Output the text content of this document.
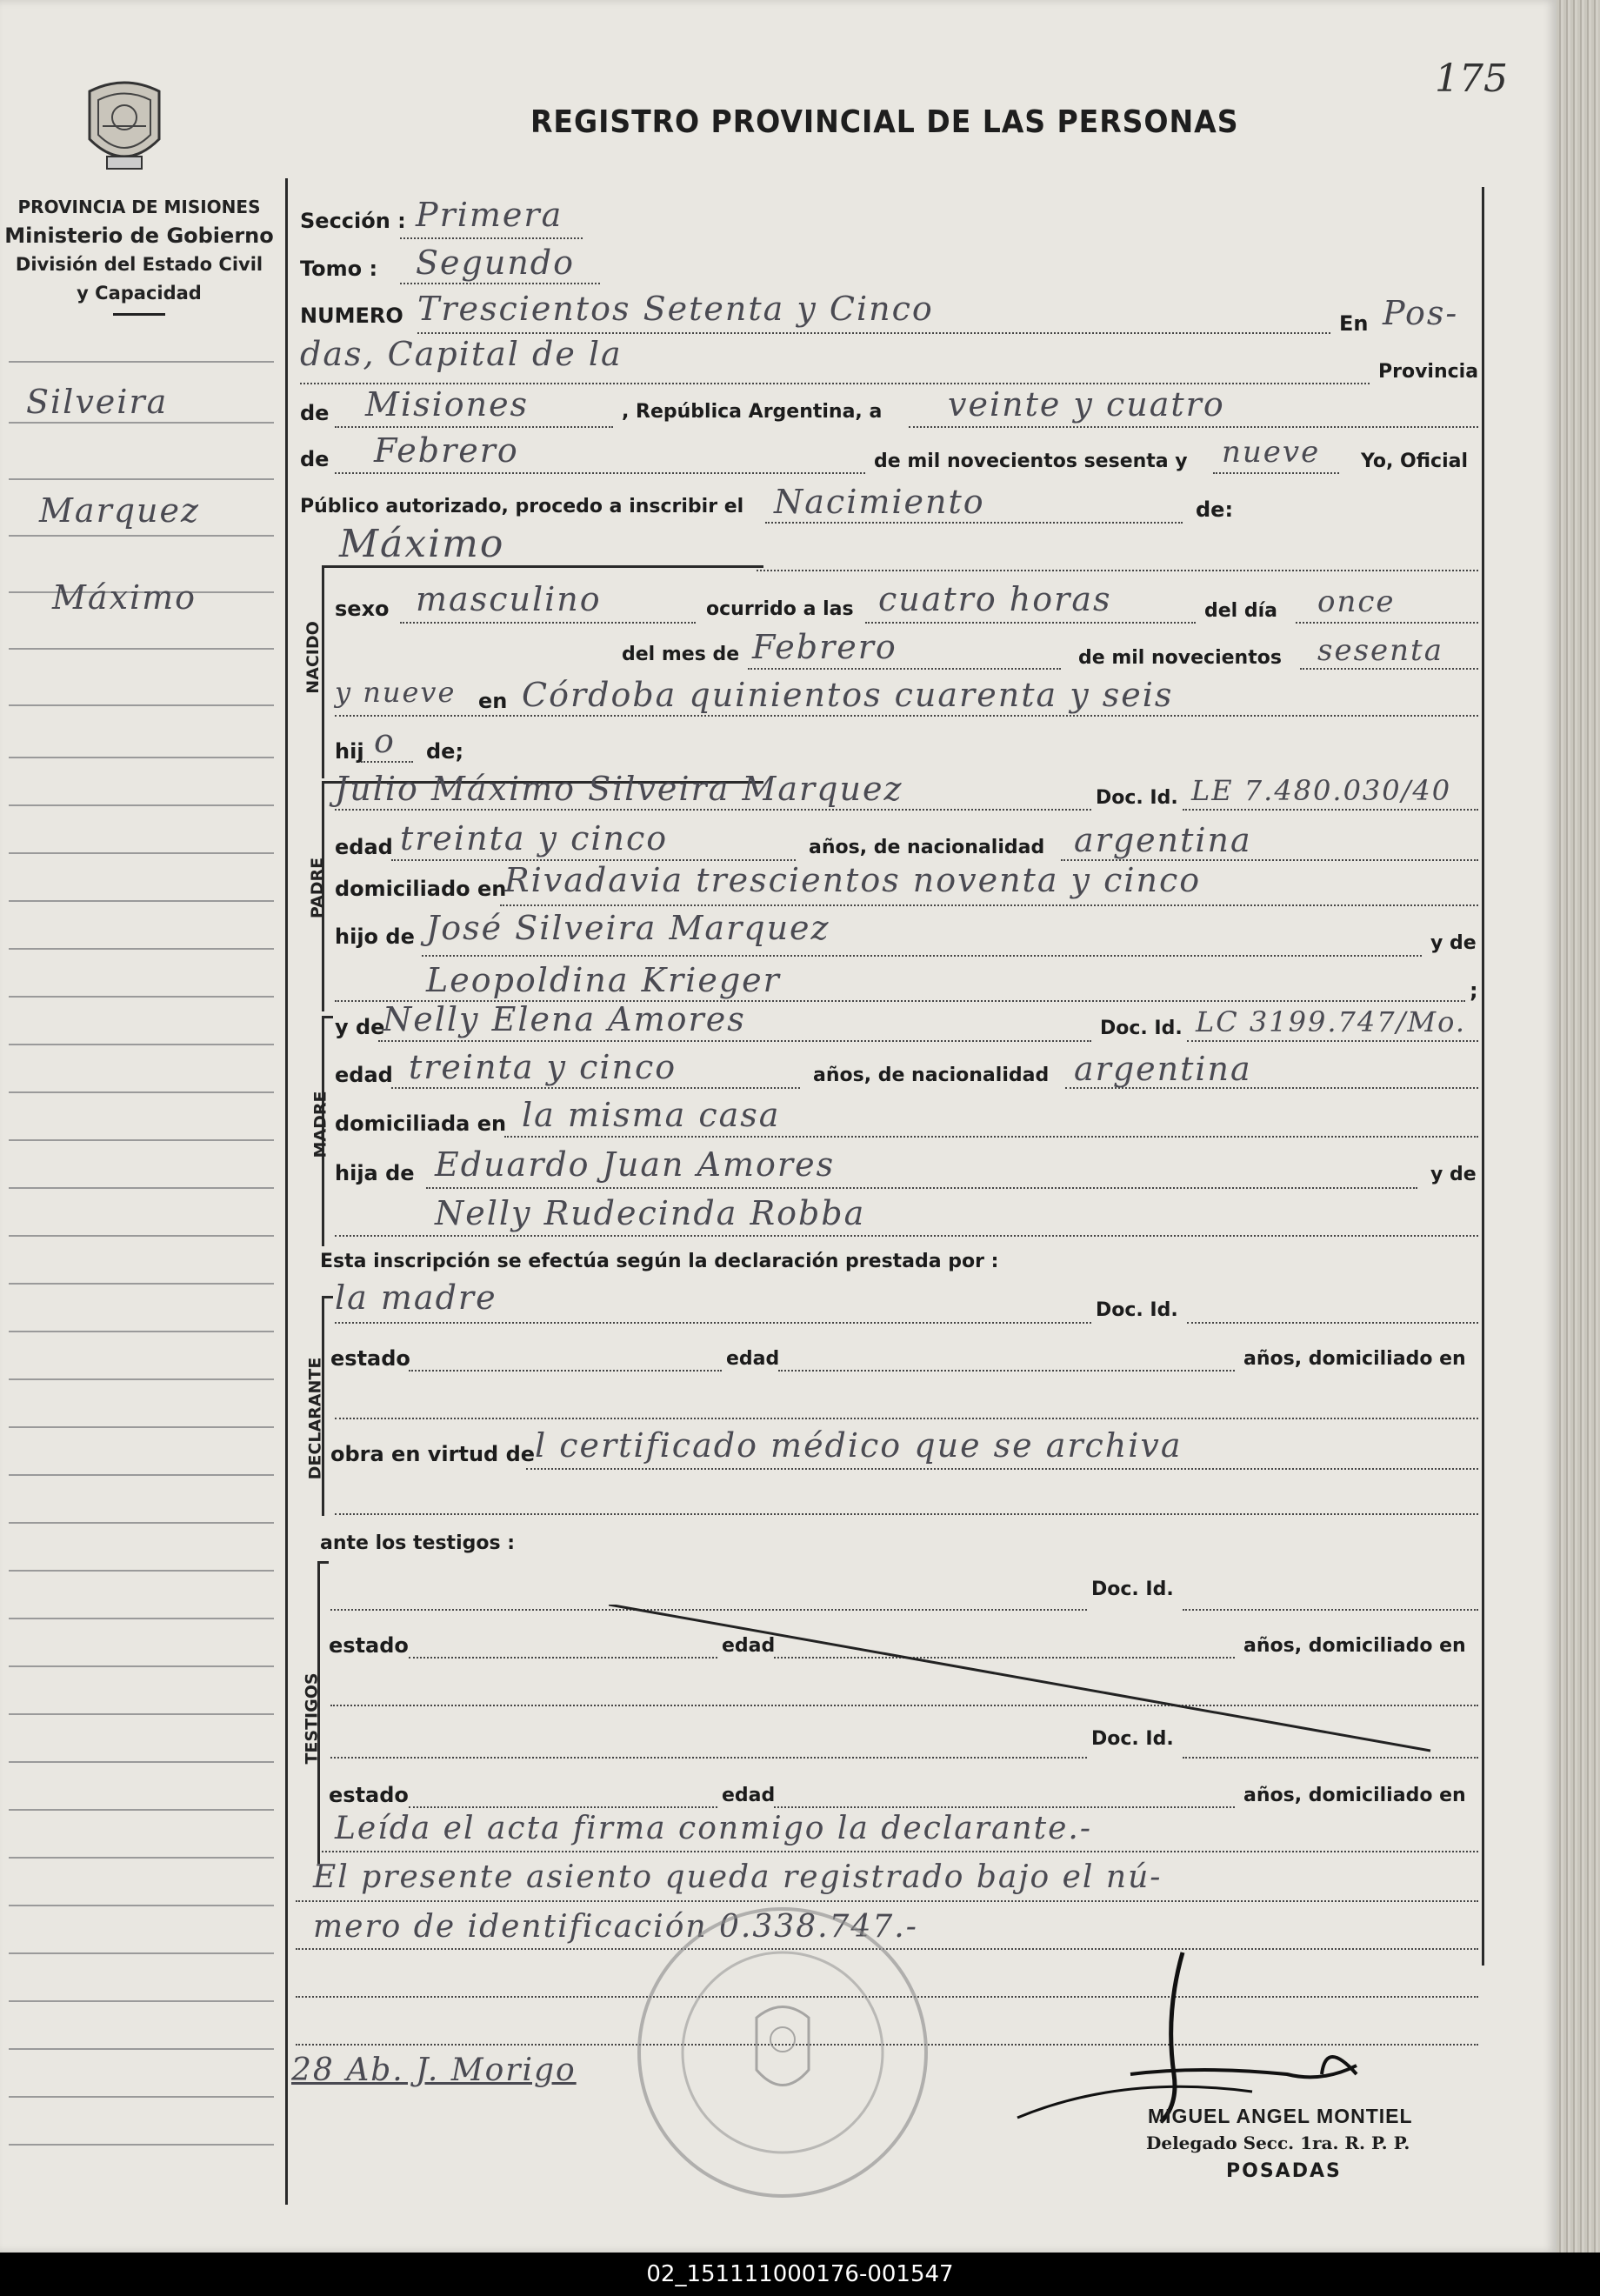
175
REGISTRO PROVINCIAL DE LAS PERSONAS
PROVINCIA DE MISIONES
Ministerio de Gobierno
División del Estado Civil
y Capacidad
Silveira
Marquez
Máximo
Sección : Primera
Tomo : Segundo
NUMERO Trescientos Setenta y Cinco	En Pos-
das, Capital de la	Provincia
de Misiones	, República Argentina, a veinte y cuatro
de Febrero	de mil novecientos sesenta y nueve Yo, Oficial
Público autorizado, procedo a inscribir el Nacimiento	de:
NACIDO
Máximo
sexo masculino	ocurrido a las cuatro horas	del día once
del mes de Febrero	de mil novecientos sesenta
y nueve en Córdoba quinientos cuarenta y seis
hij o de;
PADRE
Julio Máximo Silveira Marquez	Doc. Id. LE 7.480.030/40
edad treinta y cinco	años, de nacionalidad argentina
domiciliado en
Rivadavia trescientos noventa y cinco
hijo de José Silveira Marquez	y de
Leopoldina Krieger	;
MADRE
y de
Nelly Elena Amores	Doc. Id. LC 3199.747/Mo.
edad treinta y cinco	años, de nacionalidad argentina
domiciliada en la misma casa
hija de Eduardo Juan Amores	y de
Nelly Rudecinda Robba
Esta inscripción se efectúa según la declaración prestada por :
DECLARANTE
la madre	Doc. Id.
estado	edad	años, domiciliado en
obra en virtud de l certificado médico que se archiva
ante los testigos :
TESTIGOS
Doc. Id.
estado	edad	años, domiciliado en
Doc. Id.
estado	edad	años, domiciliado en
Leída el acta firma conmigo la declarante.-
El presente asiento queda registrado bajo el nú-
mero de identificación 0.338.747.-
28 Ab. J. Morigo
MIGUEL ANGEL MONTIEL
Delegado Secc. 1ra. R. P. P.
POSADAS
02_151111000176-001547
